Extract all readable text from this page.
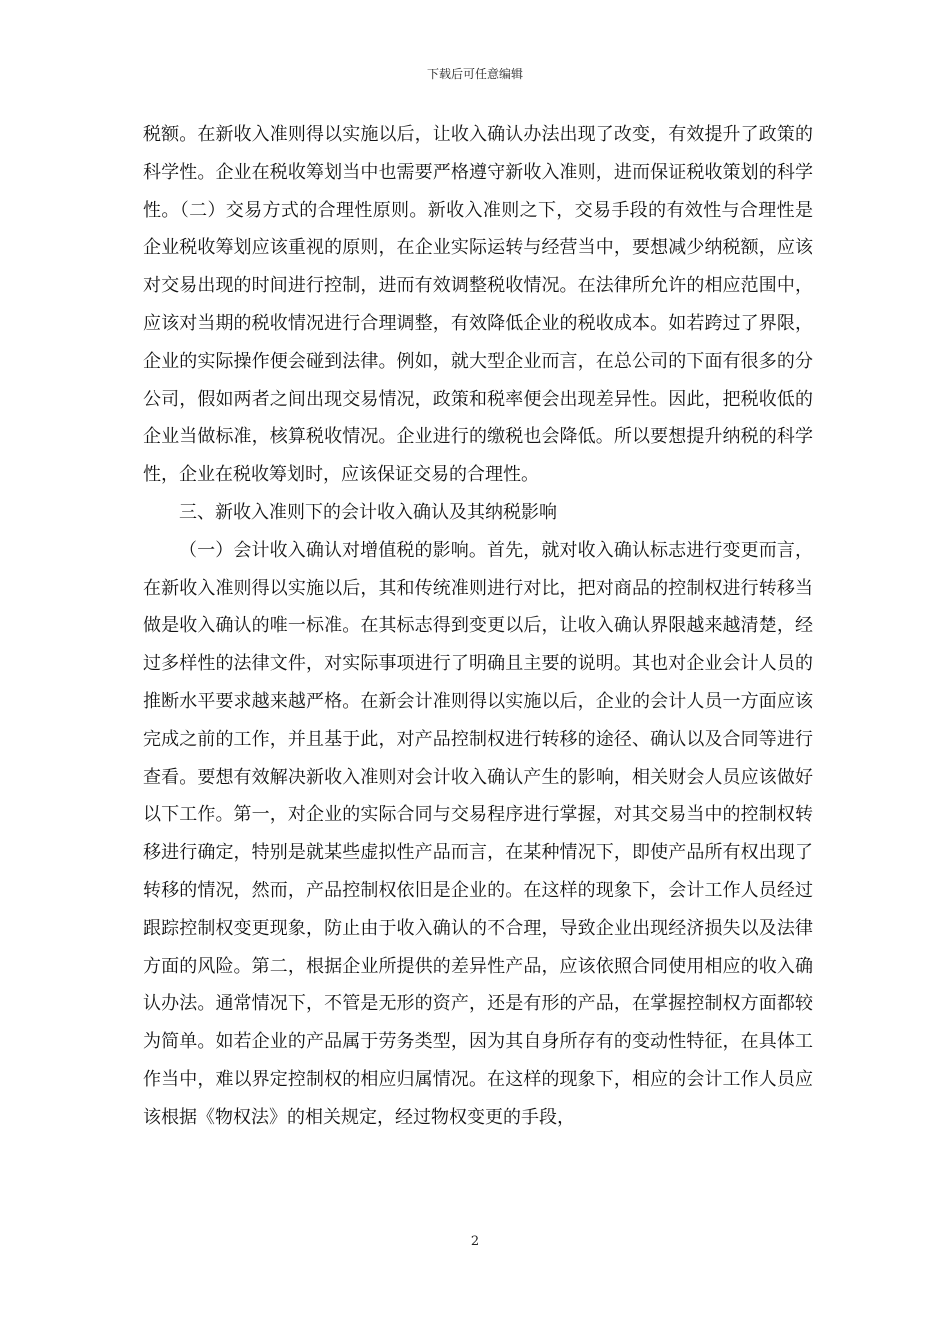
下载后可任意编辑

税额。在新收入准则得以实施以后，让收入确认办法出现了改变，有效提升了政策的科学性。企业在税收筹划当中也需要严格遵守新收入准则，进而保证税收策划的科学性。（二）交易方式的合理性原则。新收入准则之下，交易手段的有效性与合理性是企业税收筹划应该重视的原则，在企业实际运转与经营当中，要想减少纳税额，应该对交易出现的时间进行控制，进而有效调整税收情况。在法律所允许的相应范围中，应该对当期的税收情况进行合理调整，有效降低企业的税收成本。如若跨过了界限，企业的实际操作便会碰到法律。例如，就大型企业而言，在总公司的下面有很多的分公司，假如两者之间出现交易情况，政策和税率便会出现差异性。因此，把税收低的企业当做标准，核算税收情况。企业进行的缴税也会降低。所以要想提升纳税的科学性，企业在税收筹划时，应该保证交易的合理性。

三、新收入准则下的会计收入确认及其纳税影响

（一）会计收入确认对增值税的影响。首先，就对收入确认标志进行变更而言，在新收入准则得以实施以后，其和传统准则进行对比，把对商品的控制权进行转移当做是收入确认的唯一标准。在其标志得到变更以后，让收入确认界限越来越清楚，经过多样性的法律文件，对实际事项进行了明确且主要的说明。其也对企业会计人员的推断水平要求越来越严格。在新会计准则得以实施以后，企业的会计人员一方面应该完成之前的工作，并且基于此，对产品控制权进行转移的途径、确认以及合同等进行查看。要想有效解决新收入准则对会计收入确认产生的影响，相关财会人员应该做好以下工作。第一，对企业的实际合同与交易程序进行掌握，对其交易当中的控制权转移进行确定，特别是就某些虚拟性产品而言，在某种情况下，即使产品所有权出现了转移的情况，然而，产品控制权依旧是企业的。在这样的现象下，会计工作人员经过跟踪控制权变更现象，防止由于收入确认的不合理，导致企业出现经济损失以及法律方面的风险。第二，根据企业所提供的差异性产品，应该依照合同使用相应的收入确认办法。通常情况下，不管是无形的资产，还是有形的产品，在掌握控制权方面都较为简单。如若企业的产品属于劳务类型，因为其自身所存有的变动性特征，在具体工作当中，难以界定控制权的相应归属情况。在这样的现象下，相应的会计工作人员应该根据《物权法》的相关规定，经过物权变更的手段，

2
